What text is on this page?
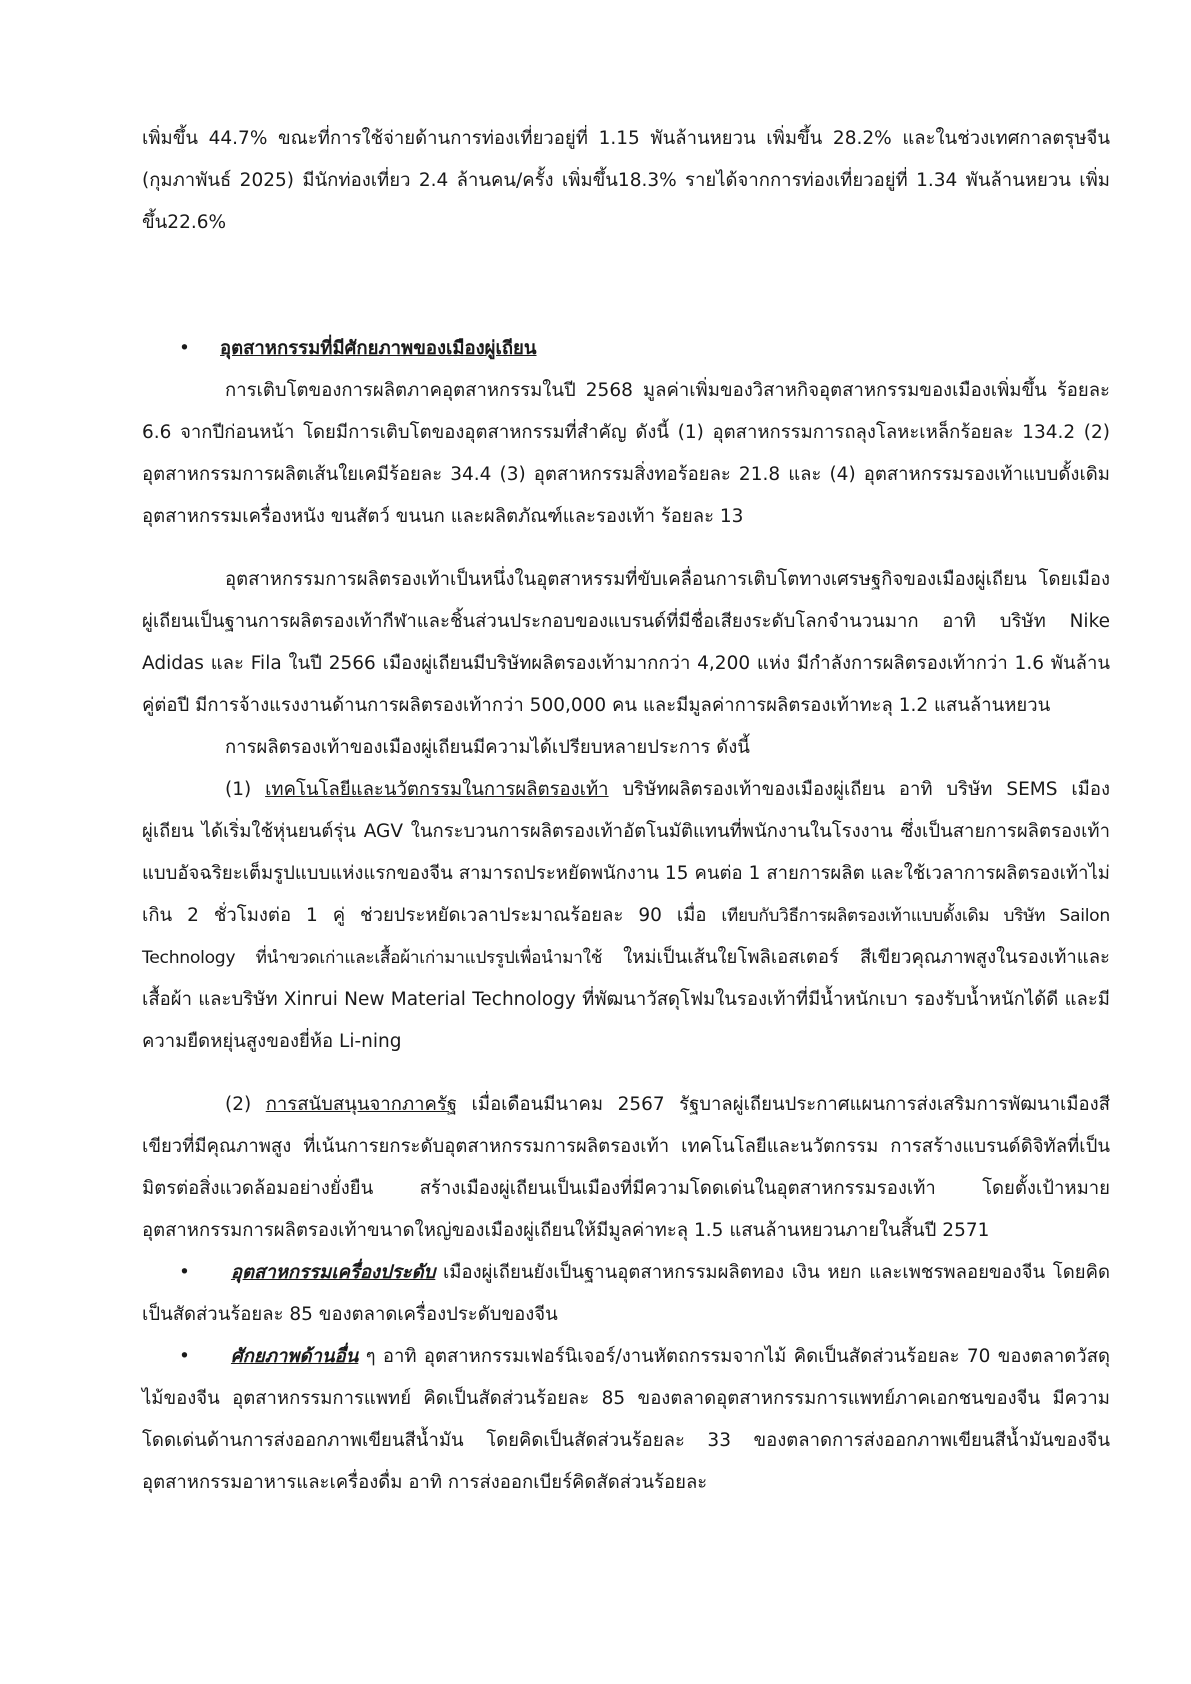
เพิ่มขึ้น 44.7% ขณะที่การใช้จ่ายด้านการท่องเที่ยวอยู่ที่ 1.15 พันล้านหยวน เพิ่มขึ้น 28.2% และในช่วงเทศกาลตรุษจีน (กุมภาพันธ์ 2025) มีนักท่องเที่ยว 2.4 ล้านคน/ครั้ง เพิ่มขึ้น18.3% รายได้จากการท่องเที่ยวอยู่ที่ 1.34 พันล้านหยวน เพิ่มขึ้น22.6%

• อุตสาหกรรมที่มีศักยภาพของเมืองผู่เถียน

การเติบโตของการผลิตภาคอุตสาหกรรมในปี 2568 มูลค่าเพิ่มของวิสาหกิจอุตสาหกรรมของเมืองเพิ่มขึ้น ร้อยละ 6.6 จากปีก่อนหน้า โดยมีการเติบโตของอุตสาหกรรมที่สำคัญ ดังนี้ (1) อุตสาหกรรมการถลุงโลหะเหล็กร้อยละ 134.2 (2) อุตสาหกรรมการผลิตเส้นใยเคมีร้อยละ 34.4 (3) อุตสาหกรรมสิ่งทอร้อยละ 21.8 และ (4) อุตสาหกรรมรองเท้าแบบดั้งเดิม อุตสาหกรรมเครื่องหนัง ขนสัตว์ ขนนก และผลิตภัณฑ์และรองเท้า ร้อยละ 13

อุตสาหกรรมการผลิตรองเท้าเป็นหนึ่งในอุตสาหรรมที่ขับเคลื่อนการเติบโตทางเศรษฐกิจของเมืองผู่เถียน โดยเมืองผู่เถียนเป็นฐานการผลิตรองเท้ากีฬาและชิ้นส่วนประกอบของแบรนด์ที่มีชื่อเสียงระดับโลกจำนวนมาก อาทิ บริษัท Nike Adidas และ Fila ในปี 2566 เมืองผู่เถียนมีบริษัทผลิตรองเท้ามากกว่า 4,200 แห่ง มีกำลังการผลิตรองเท้ากว่า 1.6 พันล้านคู่ต่อปี มีการจ้างแรงงานด้านการผลิตรองเท้ากว่า 500,000 คน และมีมูลค่าการผลิตรองเท้าทะลุ 1.2 แสนล้านหยวน

การผลิตรองเท้าของเมืองผู่เถียนมีความได้เปรียบหลายประการ ดังนี้

(1) เทคโนโลยีและนวัตกรรมในการผลิตรองเท้า บริษัทผลิตรองเท้าของเมืองผู่เถียน อาทิ บริษัท SEMS เมืองผู่เถียน ได้เริ่มใช้หุ่นยนต์รุ่น AGV ในกระบวนการผลิตรองเท้าอัตโนมัติแทนที่พนักงานในโรงงาน ซึ่งเป็นสายการผลิตรองเท้าแบบอัจฉริยะเต็มรูปแบบแห่งแรกของจีน สามารถประหยัดพนักงาน 15 คนต่อ 1 สายการผลิต และใช้เวลาการผลิตรองเท้าไม่เกิน 2 ชั่วโมงต่อ 1 คู่ ช่วยประหยัดเวลาประมาณร้อยละ 90 เมื่อ เทียบกับวิธีการผลิตรองเท้าแบบดั้งเดิม บริษัท Sailon Technology ที่นำขวดเก่าและเสื้อผ้าเก่ามาแปรรูปเพื่อนำมาใช้ ใหม่เป็นเส้นใยโพลิเอสเตอร์ สีเขียวคุณภาพสูงในรองเท้าและเสื้อผ้า และบริษัท Xinrui New Material Technology ที่พัฒนาวัสดุโฟมในรองเท้าที่มีน้ำหนักเบา รองรับน้ำหนักได้ดี และมีความยืดหยุ่นสูงของยี่ห้อ Li-ning

(2) การสนับสนุนจากภาครัฐ เมื่อเดือนมีนาคม 2567 รัฐบาลผู่เถียนประกาศแผนการส่งเสริมการพัฒนาเมืองสีเขียวที่มีคุณภาพสูง ที่เน้นการยกระดับอุตสาหกรรมการผลิตรองเท้า เทคโนโลยีและนวัตกรรม การสร้างแบรนด์ดิจิทัลที่เป็นมิตรต่อสิ่งแวดล้อมอย่างยั่งยืน สร้างเมืองผู่เถียนเป็นเมืองที่มีความโดดเด่นในอุตสาหกรรมรองเท้า โดยตั้งเป้าหมายอุตสาหกรรมการผลิตรองเท้าขนาดใหญ่ของเมืองผู่เถียนให้มีมูลค่าทะลุ 1.5 แสนล้านหยวนภายในสิ้นปี 2571

• อุตสาหกรรมเครื่องประดับ เมืองผู่เถียนยังเป็นฐานอุตสาหกรรมผลิตทอง เงิน หยก และเพชรพลอยของจีน โดยคิดเป็นสัดส่วนร้อยละ 85 ของตลาดเครื่องประดับของจีน

• ศักยภาพด้านอื่น ๆ อาทิ อุตสาหกรรมเฟอร์นิเจอร์/งานหัตถกรรมจากไม้ คิดเป็นสัดส่วนร้อยละ 70 ของตลาดวัสดุไม้ของจีน อุตสาหกรรมการแพทย์ คิดเป็นสัดส่วนร้อยละ 85 ของตลาดอุตสาหกรรมการแพทย์ภาคเอกชนของจีน มีความโดดเด่นด้านการส่งออกภาพเขียนสีน้ำมัน โดยคิดเป็นสัดส่วนร้อยละ 33 ของตลาดการส่งออกภาพเขียนสีน้ำมันของจีน อุตสาหกรรมอาหารและเครื่องดื่ม อาทิ การส่งออกเบียร์คิดสัดส่วนร้อยละ
